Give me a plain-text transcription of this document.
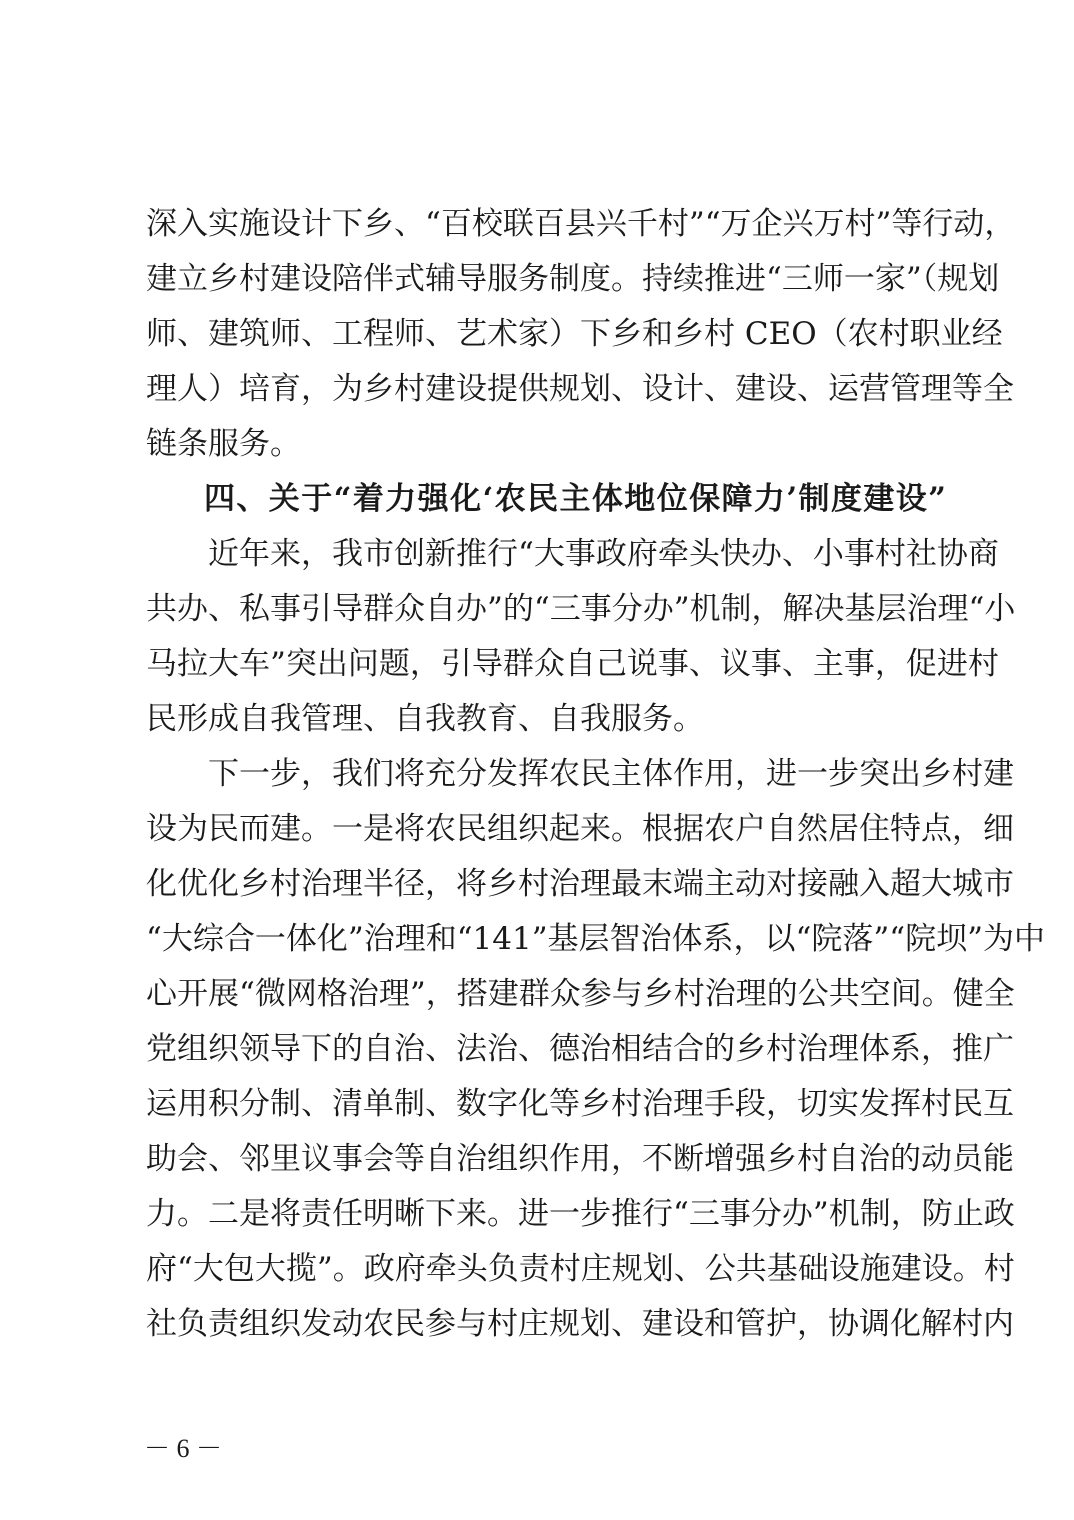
深入实施设计下乡、“百校联百县兴千村”“万企兴万村”等行动，
建立乡村建设陪伴式辅导服务制度。持续推进“三师一家”（规划
师、建筑师、工程师、艺术家）下乡和乡村 CEO（农村职业经
理人）培育，为乡村建设提供规划、设计、建设、运营管理等全
链条服务。
四、关于“着力强化‘农民主体地位保障力’制度建设”
近年来，我市创新推行“大事政府牵头快办、小事村社协商
共办、私事引导群众自办”的“三事分办”机制，解决基层治理“小
马拉大车”突出问题，引导群众自己说事、议事、主事，促进村
民形成自我管理、自我教育、自我服务。
下一步，我们将充分发挥农民主体作用，进一步突出乡村建
设为民而建。一是将农民组织起来。根据农户自然居住特点，细
化优化乡村治理半径，将乡村治理最末端主动对接融入超大城市
“大综合一体化”治理和“141”基层智治体系，以“院落”“院坝”为中
心开展“微网格治理”，搭建群众参与乡村治理的公共空间。健全
党组织领导下的自治、法治、德治相结合的乡村治理体系，推广
运用积分制、清单制、数字化等乡村治理手段，切实发挥村民互
助会、邻里议事会等自治组织作用，不断增强乡村自治的动员能
力。二是将责任明晰下来。进一步推行“三事分办”机制，防止政
府“大包大揽”。政府牵头负责村庄规划、公共基础设施建设。村
社负责组织发动农民参与村庄规划、建设和管护，协调化解村内
－ 6 －
